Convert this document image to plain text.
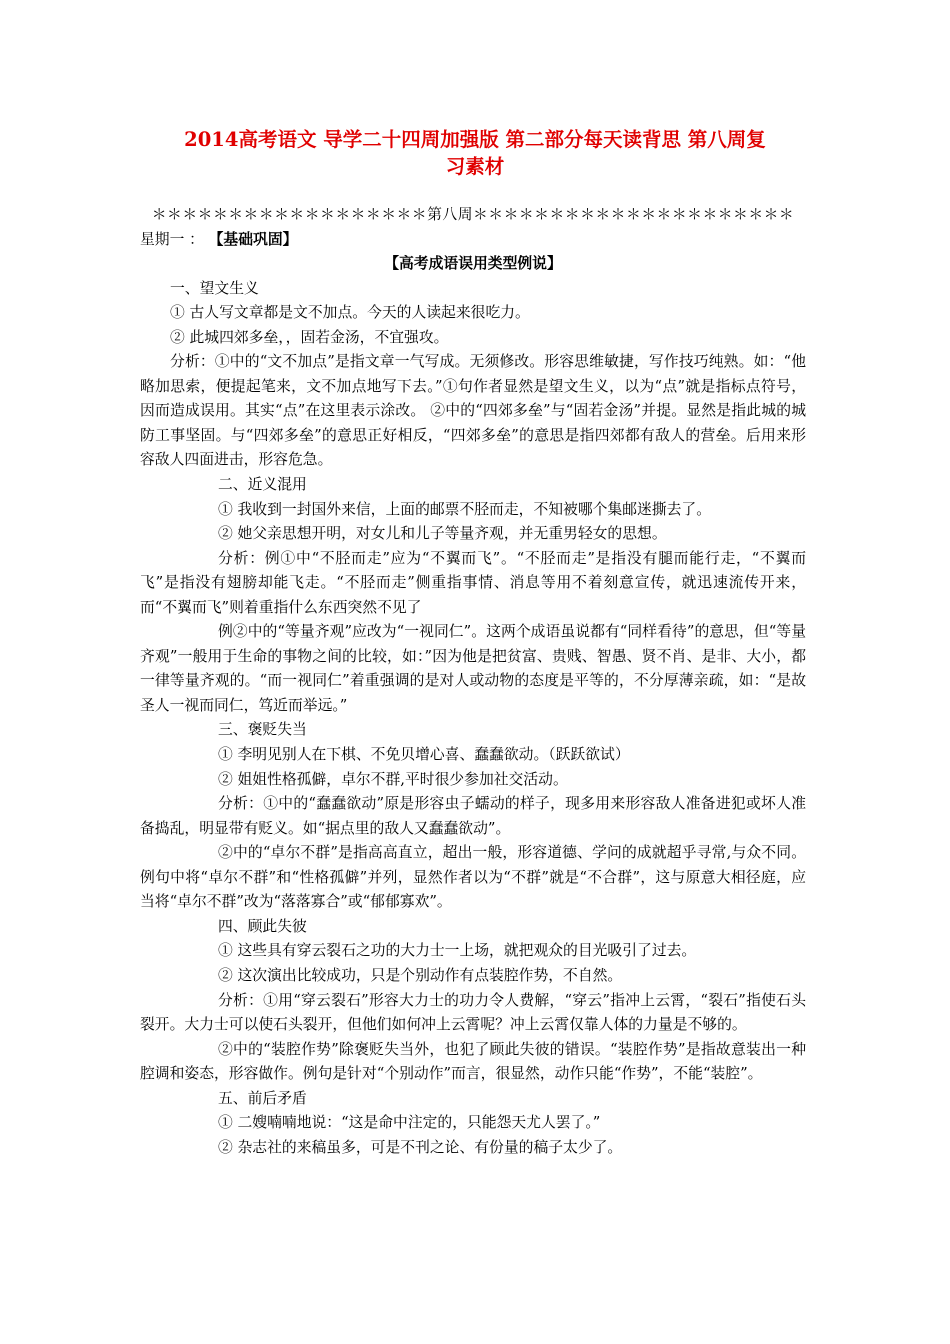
2014高考语文 导学二十四周加强版 第二部分每天读背思 第八周复
习素材
＊＊＊＊＊＊＊＊＊＊＊＊＊＊＊＊＊＊第八周＊＊＊＊＊＊＊＊＊＊＊＊＊＊＊＊＊＊＊＊＊
星期一 ： 【基础巩固】
【高考成语误用类型例说】
一、望文生义
① 古人写文章都是文不加点。今天的人读起来很吃力。
② 此城四郊多垒，，固若金汤，不宜强攻。
分析：①中的“文不加点”是指文章一气写成。无须修改。形容思维敏捷，写作技巧纯熟。如：“他略加思索，便提起笔来，文不加点地写下去。”①句作者显然是望文生义，以为“点”就是指标点符号，因而造成误用。其实“点”在这里表示涂改。 ②中的“四郊多垒”与“固若金汤”并提。显然是指此城的城防工事坚固。与“四郊多垒”的意思正好相反，“四郊多垒”的意思是指四郊都有敌人的营垒。后用来形容敌人四面进击，形容危急。
二、近义混用
① 我收到一封国外来信，上面的邮票不胫而走，不知被哪个集邮迷撕去了。
② 她父亲思想开明，对女儿和儿子等量齐观，并无重男轻女的思想。
分析：例①中“不胫而走”应为“不翼而飞”。“不胫而走”是指没有腿而能行走，“不翼而飞”是指没有翅膀却能飞走。“不胫而走”侧重指事情、消息等用不着刻意宣传，就迅速流传开来，而“不翼而飞”则着重指什么东西突然不见了
例②中的“等量齐观”应改为“一视同仁”。这两个成语虽说都有“同样看待”的意思，但“等量齐观”一般用于生命的事物之间的比较，如：”因为他是把贫富、贵贱、智愚、贤不肖、是非、大小，都一律等量齐观的。“而一视同仁”着重强调的是对人或动物的态度是平等的，不分厚薄亲疏，如：“是故圣人一视而同仁，笃近而举远。”
三、褒贬失当
① 李明见别人在下棋、不免贝增心喜、蠢蠢欲动。（跃跃欲试）
② 姐姐性格孤僻，卓尔不群,平时很少参加社交活动。
分析：①中的“蠢蠢欲动”原是形容虫子蠕动的样子，现多用来形容敌人准备进犯或坏人准备捣乱，明显带有贬义。如“据点里的敌人又蠢蠢欲动”。
②中的“卓尔不群”是指高高直立，超出一般，形容道德、学问的成就超乎寻常,与众不同。例句中将“卓尔不群”和“性格孤僻”并列，显然作者以为“不群”就是“不合群”，这与原意大相径庭，应当将“卓尔不群”改为“落落寡合”或“郁郁寡欢”。
四、顾此失彼
① 这些具有穿云裂石之功的大力士一上场，就把观众的目光吸引了过去。
② 这次演出比较成功，只是个别动作有点装腔作势，不自然。
分析：①用“穿云裂石”形容大力士的功力令人费解，“穿云”指冲上云霄，“裂石”指使石头裂开。大力士可以使石头裂开，但他们如何冲上云霄呢？冲上云霄仅靠人体的力量是不够的。
②中的“装腔作势”除褒贬失当外，也犯了顾此失彼的错误。“装腔作势”是指故意装出一种腔调和姿态，形容做作。例句是针对“个别动作”而言，很显然，动作只能“作势”，不能“装腔”。
五、前后矛盾
① 二嫂喃喃地说：“这是命中注定的，只能怨天尤人罢了。”
② 杂志社的来稿虽多，可是不刊之论、有份量的稿子太少了。
